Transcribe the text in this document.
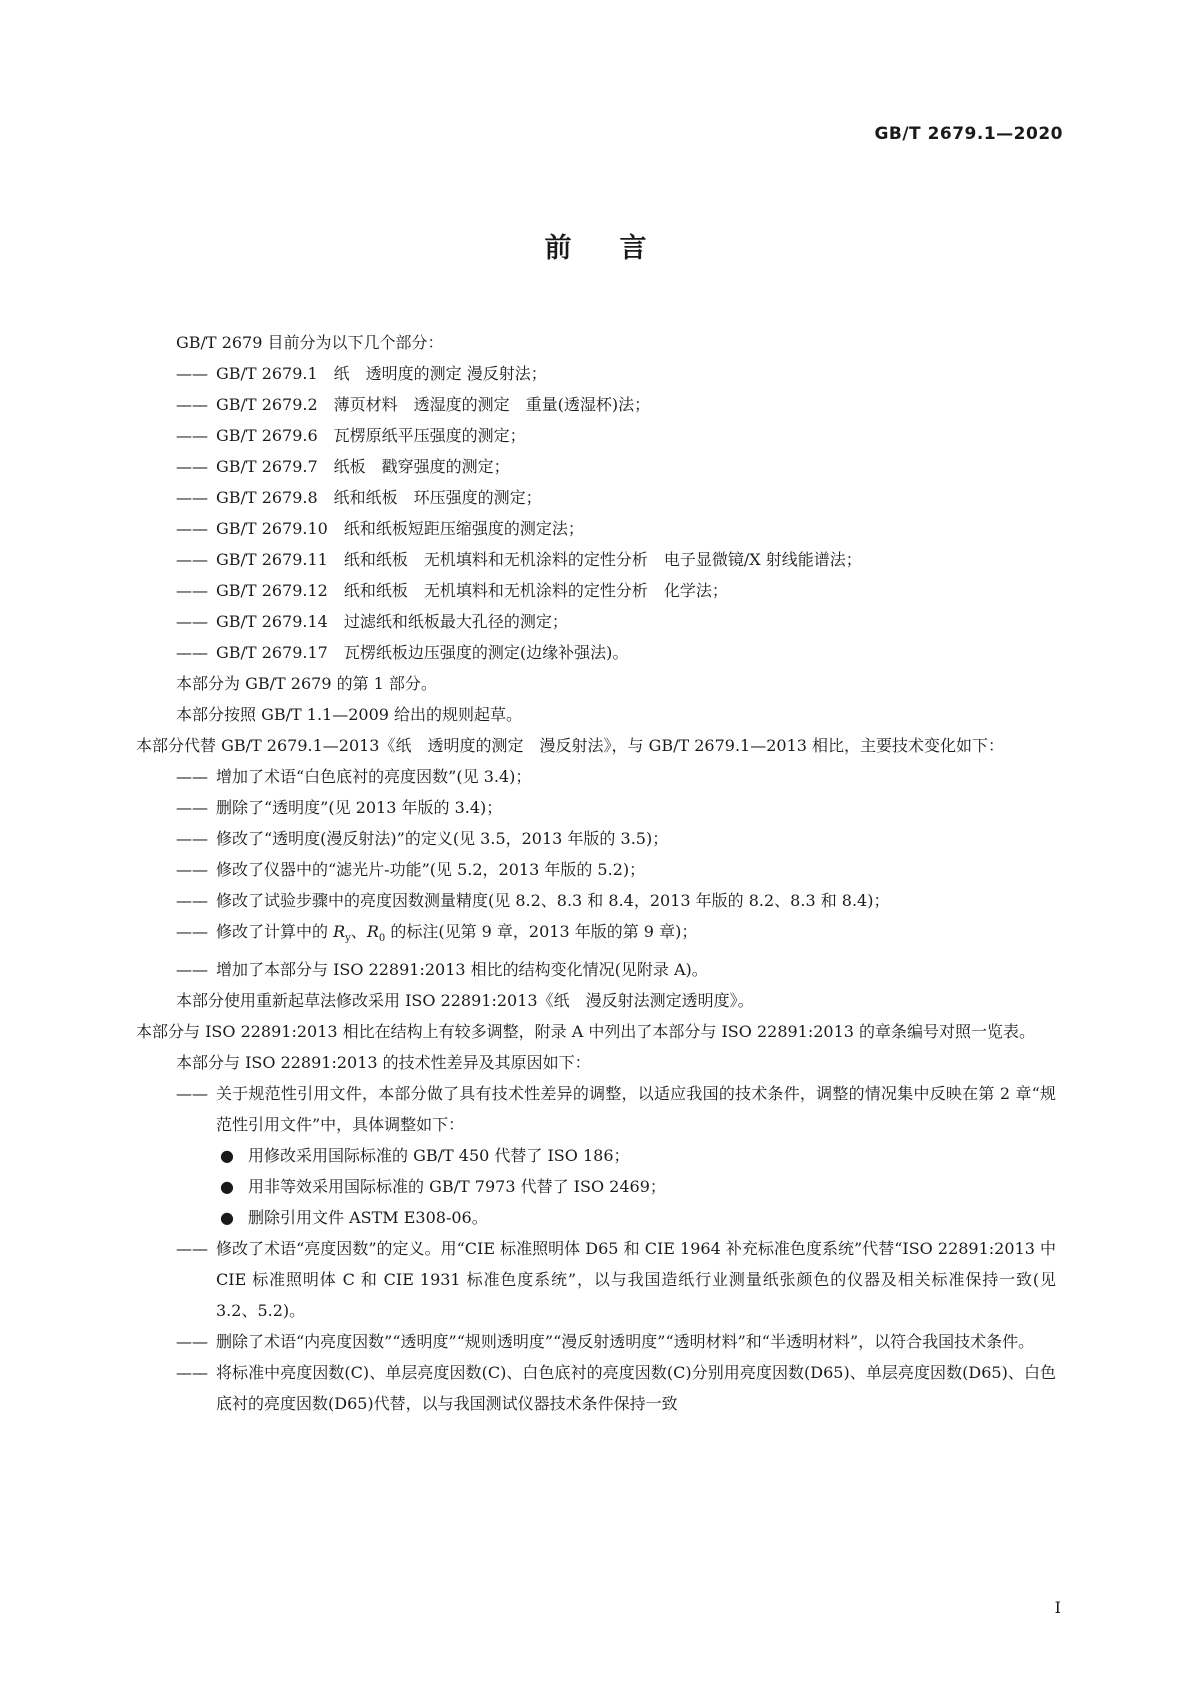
GB/T 2679.1—2020
前言

GB/T 2679 目前分为以下几个部分：

—— GB/T 2679.1　纸　透明度的测定 漫反射法；
—— GB/T 2679.2　薄页材料　透湿度的测定　重量(透湿杯)法；
—— GB/T 2679.6　瓦楞原纸平压强度的测定；
—— GB/T 2679.7　纸板　戳穿强度的测定；
—— GB/T 2679.8　纸和纸板　环压强度的测定；
—— GB/T 2679.10　纸和纸板短距压缩强度的测定法；
—— GB/T 2679.11　纸和纸板　无机填料和无机涂料的定性分析　电子显微镜/X 射线能谱法；
—— GB/T 2679.12　纸和纸板　无机填料和无机涂料的定性分析　化学法；
—— GB/T 2679.14　过滤纸和纸板最大孔径的测定；
—— GB/T 2679.17　瓦楞纸板边压强度的测定(边缘补强法)。

本部分为 GB/T 2679 的第 1 部分。

本部分按照 GB/T 1.1—2009 给出的规则起草。

本部分代替 GB/T 2679.1—2013《纸　透明度的测定　漫反射法》，与 GB/T 2679.1—2013 相比，主要技术变化如下：

—— 增加了术语“白色底衬的亮度因数”(见 3.4)；
—— 删除了“透明度”(见 2013 年版的 3.4)；
—— 修改了“透明度(漫反射法)”的定义(见 3.5，2013 年版的 3.5)；
—— 修改了仪器中的“滤光片-功能”(见 5.2，2013 年版的 5.2)；
—— 修改了试验步骤中的亮度因数测量精度(见 8.2、8.3 和 8.4，2013 年版的 8.2、8.3 和 8.4)；
—— 修改了计算中的 $R_y$、$R_0$ 的标注(见第 9 章，2013 年版的第 9 章)；
—— 增加了本部分与 ISO 22891:2013 相比的结构变化情况(见附录 A)。

本部分使用重新起草法修改采用 ISO 22891:2013《纸　漫反射法测定透明度》。

本部分与 ISO 22891:2013 相比在结构上有较多调整，附录 A 中列出了本部分与 ISO 22891:2013 的章条编号对照一览表。

本部分与 ISO 22891:2013 的技术性差异及其原因如下：

—— 关于规范性引用文件，本部分做了具有技术性差异的调整，以适应我国的技术条件，调整的情况集中反映在第 2 章“规范性引用文件”中，具体调整如下：
● 用修改采用国际标准的 GB/T 450 代替了 ISO 186；
● 用非等效采用国际标准的 GB/T 7973 代替了 ISO 2469；
● 删除引用文件 ASTM E308-06。
—— 修改了术语“亮度因数”的定义。用“CIE 标准照明体 D65 和 CIE 1964 补充标准色度系统”代替“ISO 22891:2013 中 CIE 标准照明体 C 和 CIE 1931 标准色度系统”，以与我国造纸行业测量纸张颜色的仪器及相关标准保持一致(见 3.2、5.2)。
—— 删除了术语“内亮度因数”“透明度”“规则透明度”“漫反射透明度”“透明材料”和“半透明材料”，以符合我国技术条件。
—— 将标准中亮度因数(C)、单层亮度因数(C)、白色底衬的亮度因数(C)分别用亮度因数(D65)、单层亮度因数(D65)、白色底衬的亮度因数(D65)代替，以与我国测试仪器技术条件保持一致
I
